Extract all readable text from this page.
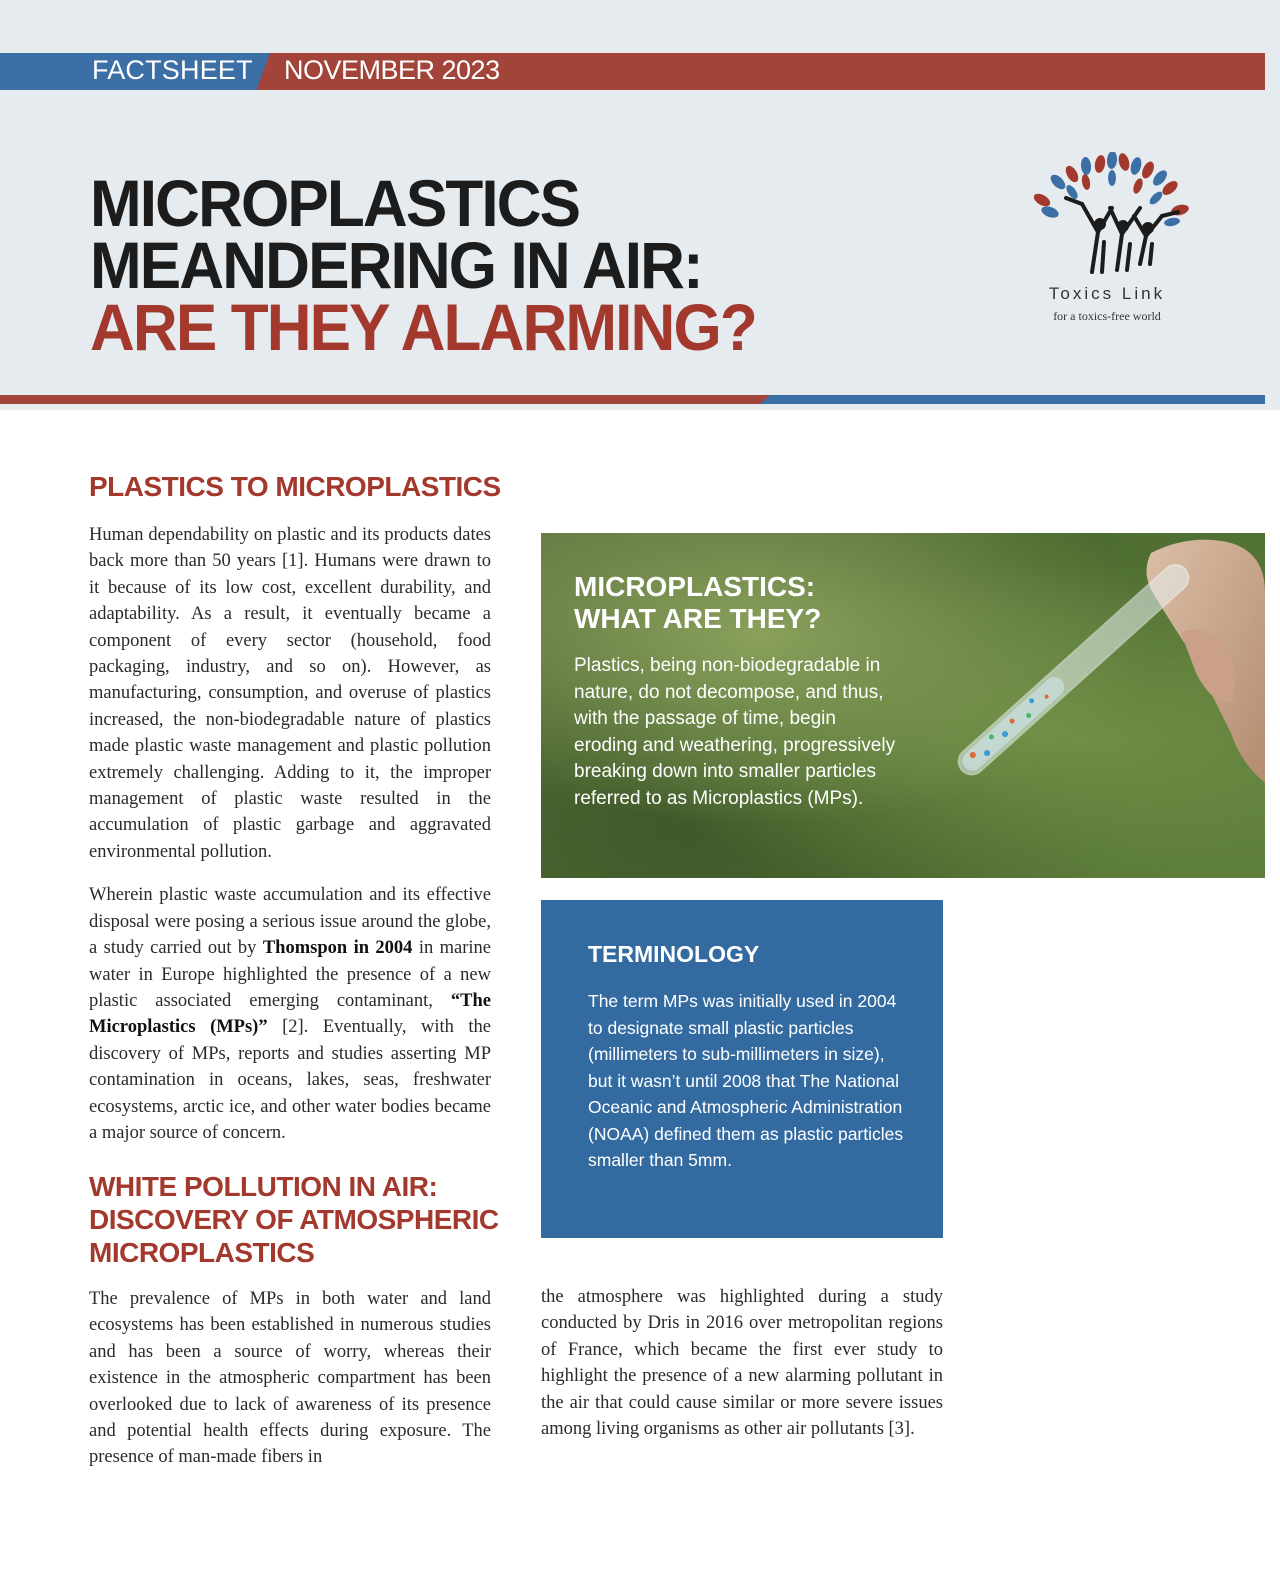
FACTSHEET NOVEMBER 2023
MICROPLASTICS
MEANDERING IN AIR:
ARE THEY ALARMING?	Toxics Link
for a toxics-free world
PLASTICS TO MICROPLASTICS

Human dependability on plastic and its products dates back more than 50 years [1]. Humans were drawn to it because of its low cost, excellent durability, and adaptability. As a result, it eventually became a component of every sector (household, food packaging, industry, and so on). However, as manufacturing, consumption, and overuse of plastics increased, the non-biodegradable nature of plastics made plastic waste management and plastic pollution extremely challenging. Adding to it, the improper management of plastic waste resulted in the accumulation of plastic garbage and aggravated environmental pollution.

Wherein plastic waste accumulation and its effective disposal were posing a serious issue around the globe, a study carried out by Thomspon in 2004 in marine water in Europe highlighted the presence of a new plastic associated emerging contaminant, “The Microplastics (MPs)” [2]. Eventually, with the discovery of MPs, reports and studies asserting MP contamination in oceans, lakes, seas, freshwater ecosystems, arctic ice, and other water bodies became a major source of concern.

WHITE POLLUTION IN AIR:
DISCOVERY OF ATMOSPHERIC
MICROPLASTICS

The prevalence of MPs in both water and land ecosystems has been established in numerous studies and has been a source of worry, whereas their existence in the atmospheric compartment has been overlooked due to lack of awareness of its presence and potential health effects during exposure. The presence of man-made fibers in

the atmosphere was highlighted during a study conducted by Dris in 2016 over metropolitan regions of France, which became the first ever study to highlight the presence of a new alarming pollutant in the air that could cause similar or more severe issues among living organisms as other air pollutants [3].

MICROPLASTICS:
WHAT ARE THEY?

Plastics, being non-biodegradable in nature, do not decompose, and thus, with the passage of time, begin eroding and weathering, progressively breaking down into smaller particles referred to as Microplastics (MPs).

TERMINOLOGY

The term MPs was initially used in 2004 to designate small plastic particles (millimeters to sub-millimeters in size), but it wasn’t until 2008 that The National Oceanic and Atmospheric Administration (NOAA) defined them as plastic particles smaller than 5mm.
